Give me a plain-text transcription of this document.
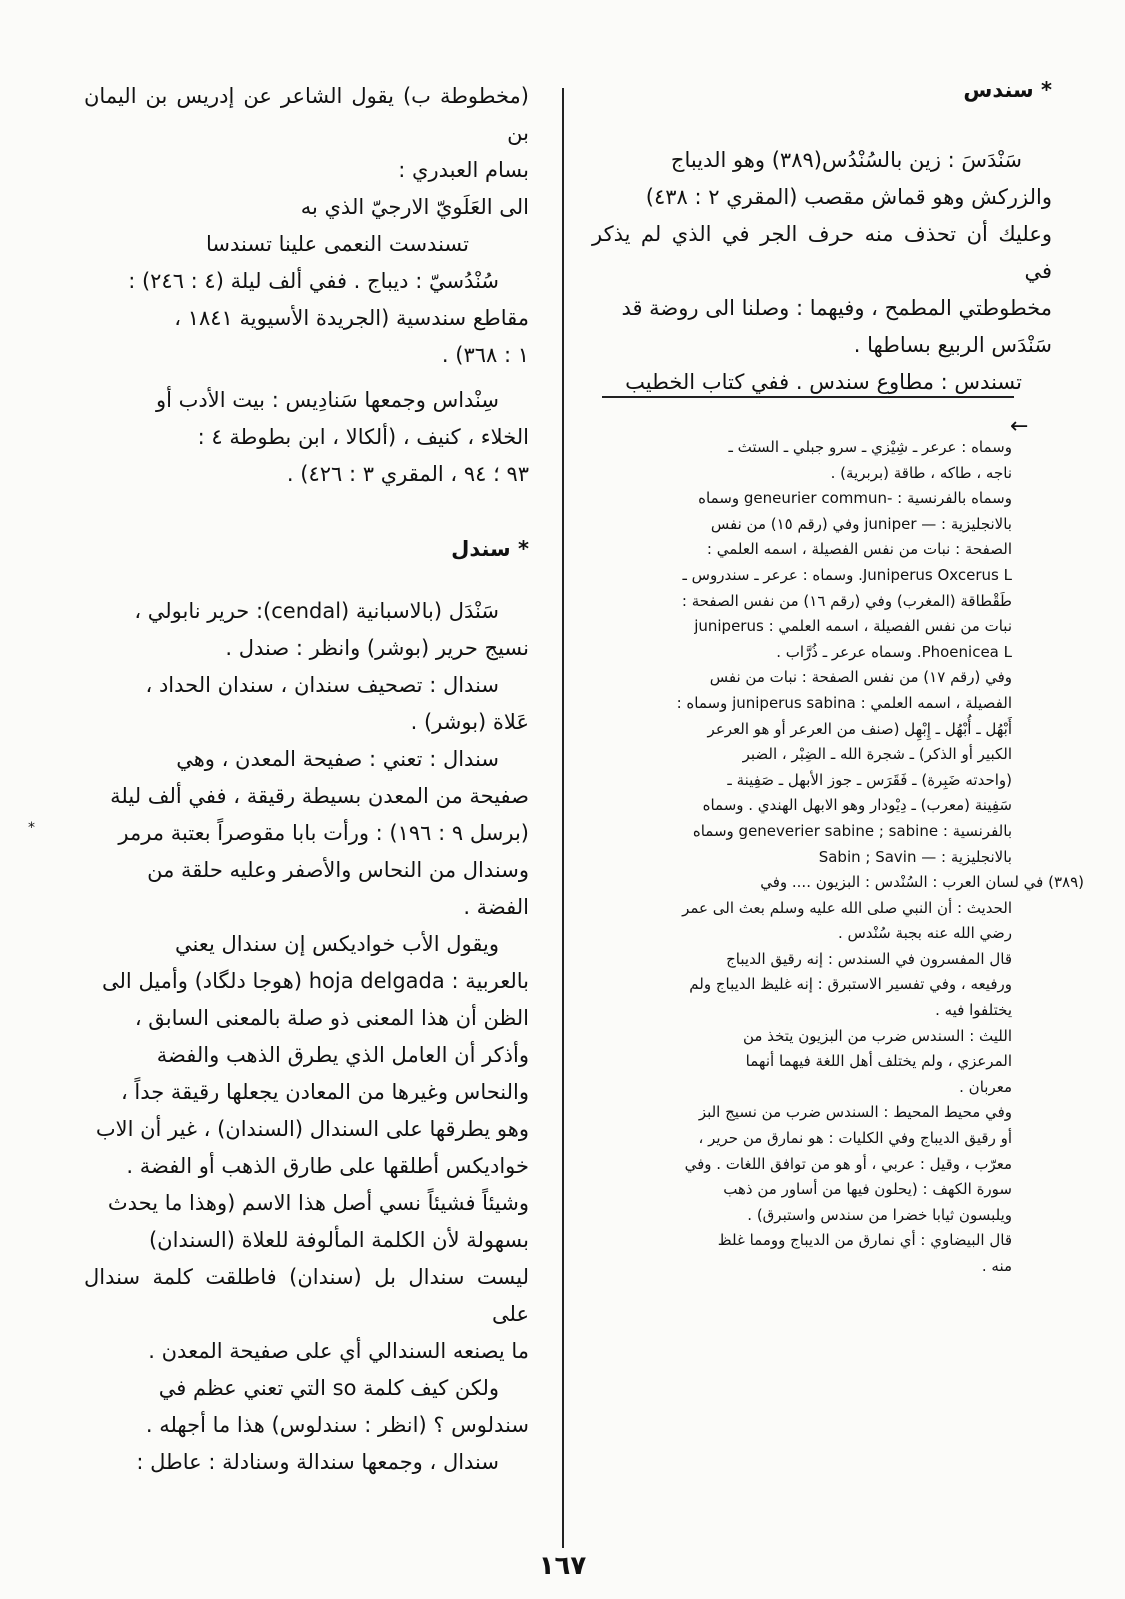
←
*
* سندس
سَنْدَسَ : زين بالسُنْدُس(٣٨٩) وهو الديباج
والزركش وهو قماش مقصب (المقري ٢ : ٤٣٨)
وعليك أن تحذف منه حرف الجر في الذي لم يذكر في
مخطوطتي المطمح ، وفيهما : وصلنا الى روضة قد
سَنْدَس الربيع بساطها .
تسندس : مطاوع سندس . ففي كتاب الخطيب
وسماه : عرعر ـ شِيْزي ـ سرو جبلي ـ الستث ـ
ناجه ، طاكه ، طاقة (بربرية) .
وسماه بالفرنسية : -geneurier commun وسماه
بالانجليزية : — juniper وفي (رقم ١٥) من نفس
الصفحة : نبات من نفس الفصيلة ، اسمه العلمي :
Juniperus Oxcerus L. وسماه : عرعر ـ سندروس ـ
طَقْطاقة (المغرب) وفي (رقم ١٦) من نفس الصفحة :
نبات من نفس الفصيلة ، اسمه العلمي : juniperus
Phoenicea L. وسماه عرعر ـ ذُرَّاب .
وفي (رقم ١٧) من نفس الصفحة : نبات من نفس
الفصيلة ، اسمه العلمي : juniperus sabina وسماه :
أَبْهُل ـ أُبْهُل ـ إِبْهِل (صنف من العرعر أو هو العرعر
الكبير أو الذكر) ـ شجرة الله ـ الضِبْر ، الضبر
(واحدته ضَبِرة) ـ فَقَرَس ـ جوز الأبهل ـ صَفِينة ـ
سَفِينة (معرب) ـ دِيْودار وهو الابهل الهندي . وسماه
بالفرنسية : geneverier sabine ; sabine وسماه
بالانجليزية : — Sabin ; Savin
(٣٨٩) في لسان العرب : السُنْدس : البزيون .... وفي
الحديث : أن النبي صلى الله عليه وسلم بعث الى عمر
رضي الله عنه بجبة سُنْدس .
قال المفسرون في السندس : إنه رقيق الديباج
ورفيعه ، وفي تفسير الاستبرق : إنه غليظ الديباج ولم
يختلفوا فيه .
الليث : السندس ضرب من البزيون يتخذ من
المرعزي ، ولم يختلف أهل اللغة فيهما أنهما
معربان .
وفي محيط المحيط : السندس ضرب من نسيج البز
أو رقيق الديباج وفي الكليات : هو نمارق من حرير ،
معرّب ، وقيل : عربي ، أو هو من توافق اللغات . وفي
سورة الكهف : (يحلون فيها من أساور من ذهب
ويلبسون ثيابا خضرا من سندس واستبرق) .
قال البيضاوي : أي نمارق من الديباج وومما غلظ
منه .
(مخطوطة ب) يقول الشاعر عن إدريس بن اليمان بن
بسام العبدري :
الى العَلَويّ الارجيّ الذي به
تسندست النعمى علينا تسندسا
سُنْدُسيّ : ديباج . ففي ألف ليلة (٤ : ٢٤٦) :
مقاطع سندسية (الجريدة الأسيوية ١٨٤١ ،
١ : ٣٦٨) .
سِنْداس وجمعها سَنادِيس : بيت الأدب أو
الخلاء ، كنيف ، (ألكالا ، ابن بطوطة ٤ :
٩٣ ؛ ٩٤ ، المقري ٣ : ٤٢٦) .
* سندل
سَنْدَل (بالاسبانية (cendal): حرير نابولي ،
نسيج حرير (بوشر) وانظر : صندل .
سندال : تصحيف سندان ، سندان الحداد ،
عَلاة (بوشر) .
سندال : تعني : صفيحة المعدن ، وهي
صفيحة من المعدن بسيطة رقيقة ، ففي ألف ليلة
(برسل ٩ : ١٩٦) : ورأت بابا مقوصراً بعتبة مرمر
وسندال من النحاس والأصفر وعليه حلقة من
الفضة .
ويقول الأب خواديكس إن سندال يعني
بالعربية : hoja delgada (هوجا دلگاد) وأميل الى
الظن أن هذا المعنى ذو صلة بالمعنى السابق ،
وأذكر أن العامل الذي يطرق الذهب والفضة
والنحاس وغيرها من المعادن يجعلها رقيقة جداً ،
وهو يطرقها على السندال (السندان) ، غير أن الاب
خواديكس أطلقها على طارق الذهب أو الفضة .
وشيئاً فشيئاً نسي أصل هذا الاسم (وهذا ما يحدث
بسهولة لأن الكلمة المألوفة للعلاة (السندان)
ليست سندال بل (سندان) فاطلقت كلمة سندال على
ما يصنعه السندالي أي على صفيحة المعدن .
ولكن كيف كلمة so التي تعني عظم في
سندلوس ؟ (انظر : سندلوس) هذا ما أجهله .
سندال ، وجمعها سندالة وسنادلة : عاطل :
١٦٧
